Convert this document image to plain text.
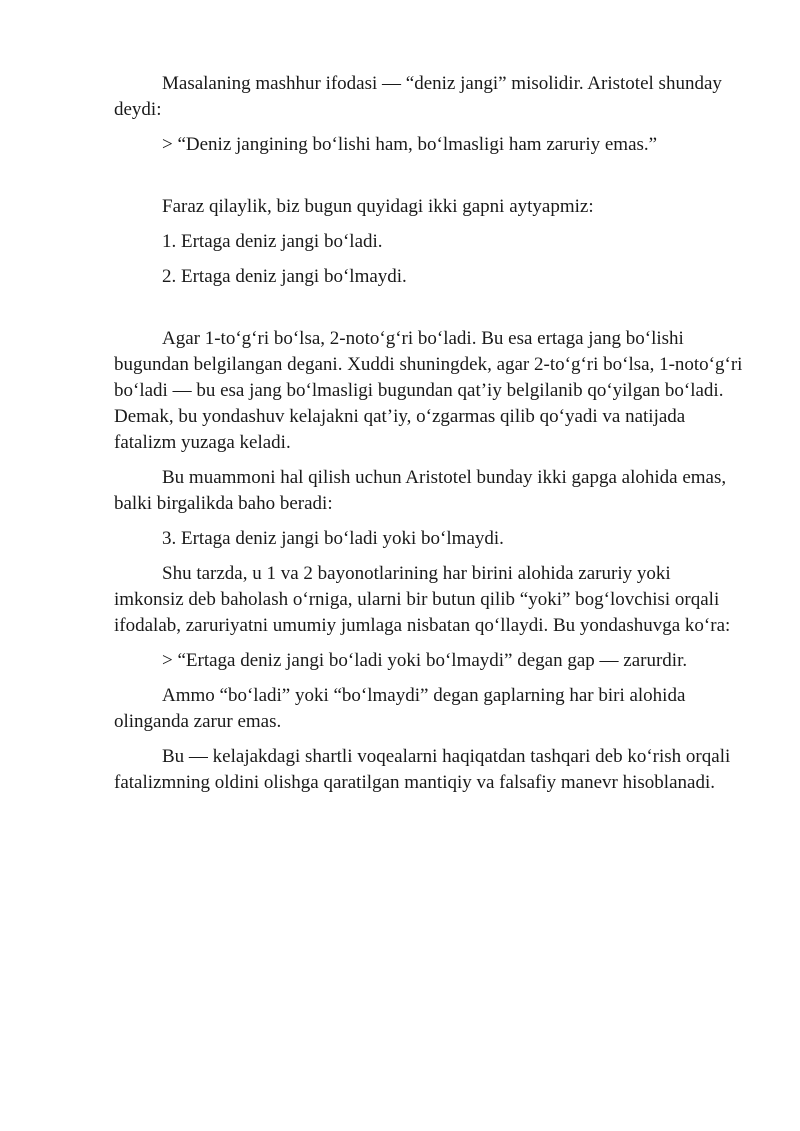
Masalaning mashhur ifodasi — “deniz jangi” misolidir. Aristotel shunday deydi:

> “Deniz jangining bo‘lishi ham, bo‘lmasligi ham zaruriy emas.”

Faraz qilaylik, biz bugun quyidagi ikki gapni aytyapmiz:

1. Ertaga deniz jangi bo‘ladi.

2. Ertaga deniz jangi bo‘lmaydi.

Agar 1-to‘g‘ri bo‘lsa, 2-noto‘g‘ri bo‘ladi. Bu esa ertaga jang bo‘lishi bugundan belgilangan degani. Xuddi shuningdek, agar 2-to‘g‘ri bo‘lsa, 1-noto‘g‘ri bo‘ladi — bu esa jang bo‘lmasligi bugundan qat’iy belgilanib qo‘yilgan bo‘ladi. Demak, bu yondashuv kelajakni qat’iy, o‘zgarmas qilib qo‘yadi va natijada fatalizm yuzaga keladi.

Bu muammoni hal qilish uchun Aristotel bunday ikki gapga alohida emas, balki birgalikda baho beradi:

3. Ertaga deniz jangi bo‘ladi yoki bo‘lmaydi.

Shu tarzda, u 1 va 2 bayonotlarining har birini alohida zaruriy yoki imkonsiz deb baholash o‘rniga, ularni bir butun qilib “yoki” bog‘lovchisi orqali ifodalab, zaruriyatni umumiy jumlaga nisbatan qo‘llaydi. Bu yondashuvga ko‘ra:

> “Ertaga deniz jangi bo‘ladi yoki bo‘lmaydi” degan gap — zarurdir.

Ammo “bo‘ladi” yoki “bo‘lmaydi” degan gaplarning har biri alohida olinganda zarur emas.

Bu — kelajakdagi shartli voqealarni haqiqatdan tashqari deb ko‘rish orqali fatalizmning oldini olishga qaratilgan mantiqiy va falsafiy manevr hisoblanadi.
